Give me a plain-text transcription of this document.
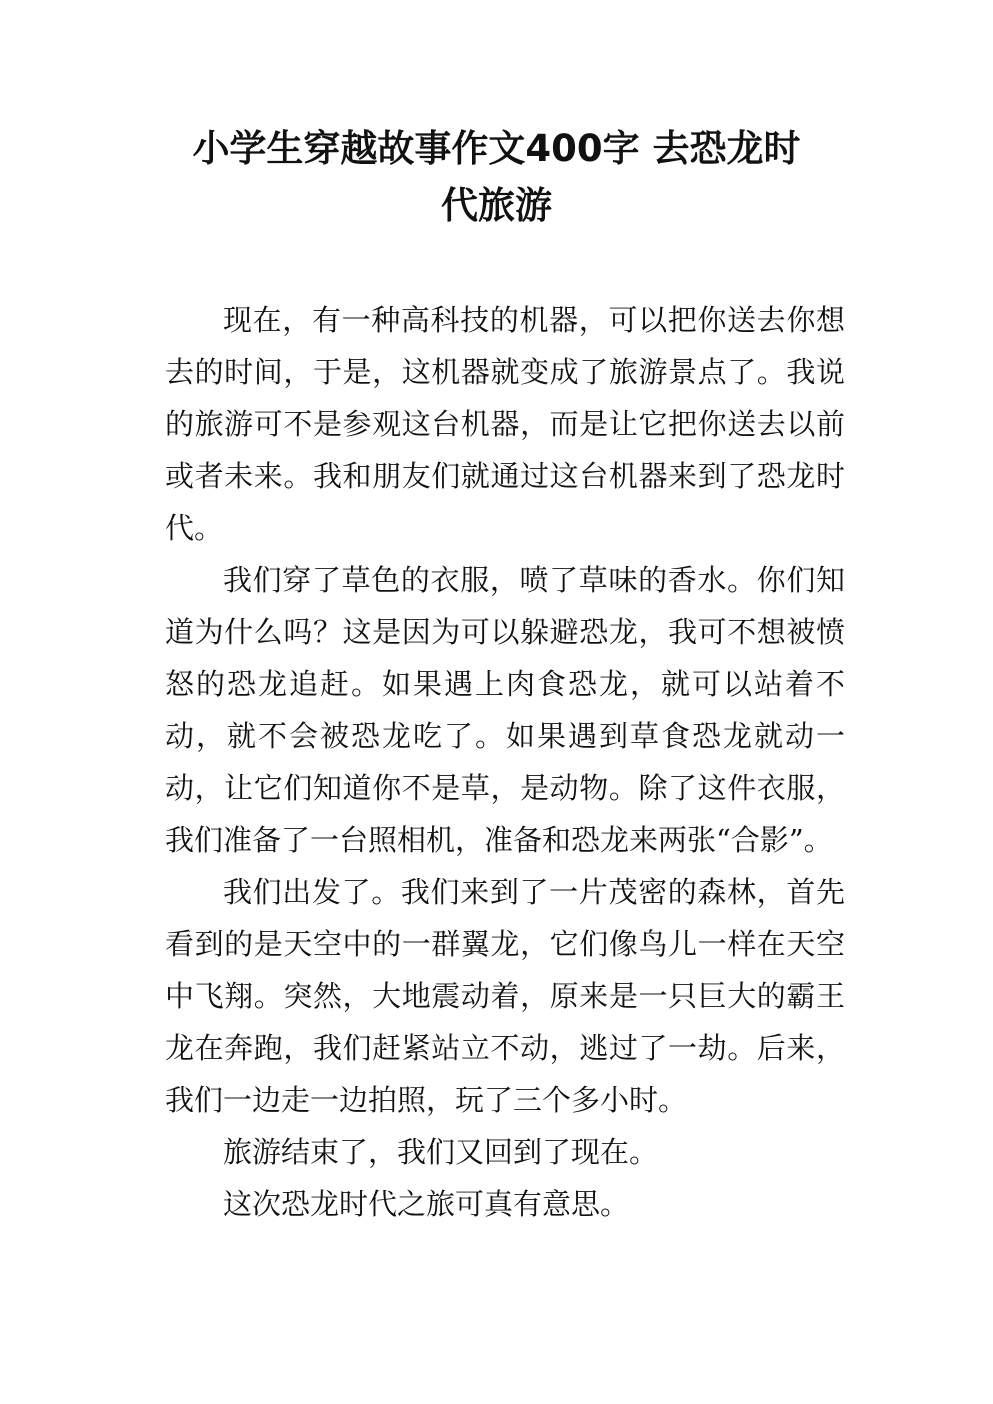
小学生穿越故事作文400字 去恐龙时
代旅游

现在，有一种高科技的机器，可以把你送去你想去的时间，于是，这机器就变成了旅游景点了。我说的旅游可不是参观这台机器，而是让它把你送去以前或者未来。我和朋友们就通过这台机器来到了恐龙时代。

我们穿了草色的衣服，喷了草味的香水。你们知道为什么吗？这是因为可以躲避恐龙，我可不想被愤怒的恐龙追赶。如果遇上肉食恐龙，就可以站着不动，就不会被恐龙吃了。如果遇到草食恐龙就动一动，让它们知道你不是草，是动物。除了这件衣服，我们准备了一台照相机，准备和恐龙来两张“合影”。

我们出发了。我们来到了一片茂密的森林，首先看到的是天空中的一群翼龙，它们像鸟儿一样在天空中飞翔。突然，大地震动着，原来是一只巨大的霸王龙在奔跑，我们赶紧站立不动，逃过了一劫。后来，我们一边走一边拍照，玩了三个多小时。

旅游结束了，我们又回到了现在。

这次恐龙时代之旅可真有意思。
